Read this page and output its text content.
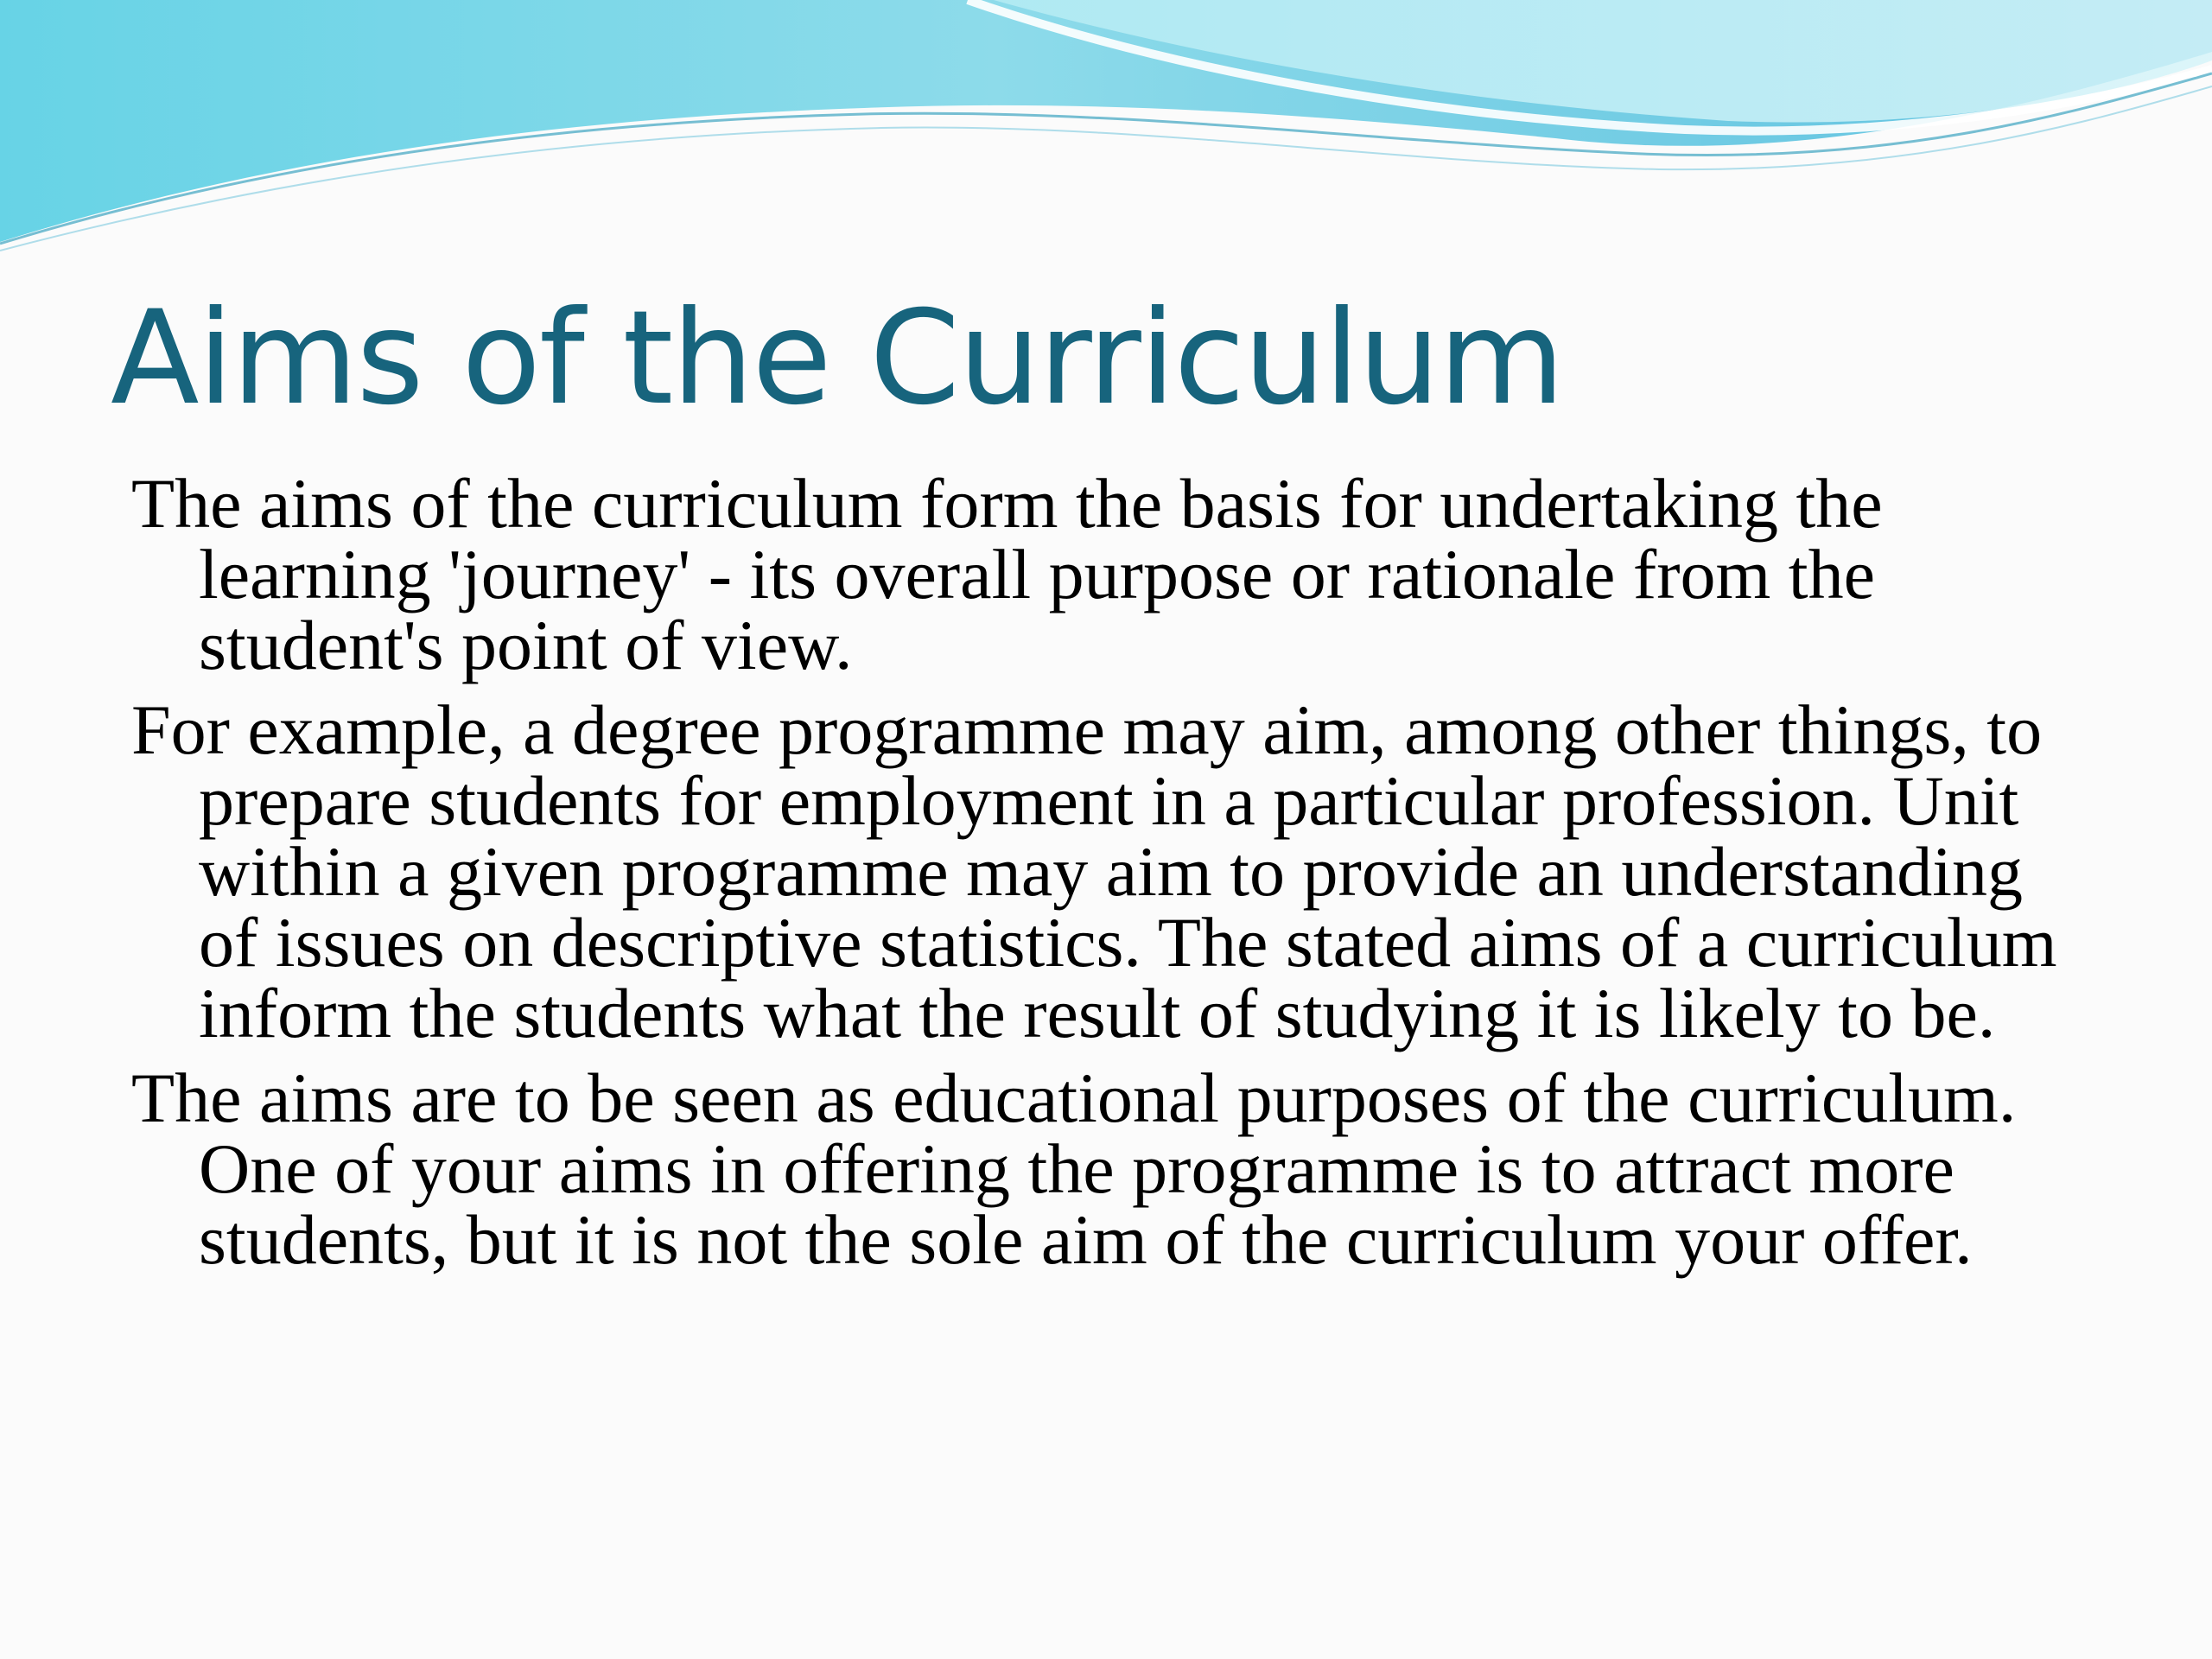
Aims of the Curriculum

The aims of the curriculum form the basis for undertaking the learning 'journey' - its overall purpose or rationale from the student's point of view.

For example, a degree programme may aim, among other things, to prepare students for employment in a particular profession. Unit within a given programme may aim to provide an understanding of issues on descriptive statistics. The stated aims of a curriculum inform the students what the result of studying it is likely to be.

The aims are to be seen as educational purposes of the curriculum. One of your aims in offering the programme is to attract more students, but it is not the sole aim of the curriculum your offer.
